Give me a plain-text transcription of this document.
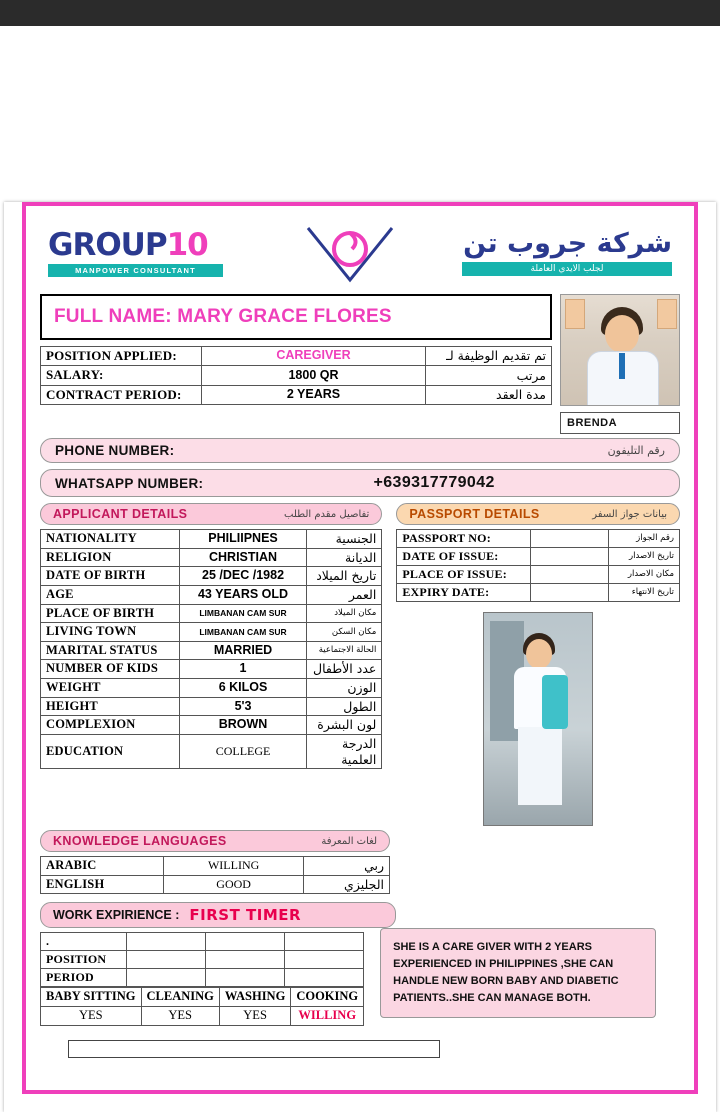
GROUP10
MANPOWER CONSULTANT
شركة جروب تن
لجلب الايدي العاملة
FULL NAME: MARY GRACE FLORES
POSITION APPLIED:	CAREGIVER	تم تقديم الوظيفة لـ
SALARY:	1800 QR	مرتب
CONTRACT PERIOD:	2 YEARS	مدة العقد
BRENDA
PHONE NUMBER:	رقم التليفون
WHATSAPP NUMBER:	+639317779042
APPLICANT DETAILS	تفاصيل مقدم الطلب
NATIONALITY	PHILIIPNES	الجنسية
RELIGION	CHRISTIAN	الديانة
DATE OF BIRTH	25 /DEC /1982	تاريخ الميلاد
AGE	43 YEARS OLD	العمر
PLACE OF BIRTH	LIMBANAN CAM SUR	مكان الميلاد
LIVING TOWN	LIMBANAN CAM SUR	مكان السكن
MARITAL STATUS	MARRIED	الحالة الاجتماعية
NUMBER OF KIDS	1	عدد الأطفال
WEIGHT	6 KILOS	الوزن
HEIGHT	5'3	الطول
COMPLEXION	BROWN	لون البشرة
EDUCATION	COLLEGE	الدرجة العلمية
PASSPORT DETAILS	بيانات جواز السفر
PASSPORT NO:		رقم الجواز
DATE OF ISSUE:		تاريخ الاصدار
PLACE OF ISSUE:		مكان الاصدار
EXPIRY DATE:		تاريخ الانتهاء
KNOWLEDGE LANGUAGES	لغات المعرفة
ARABIC	WILLING	ربي
ENGLISH	GOOD	الجليزي
WORK EXPIRIENCE : FIRST TIMER
.			
POSITION			
PERIOD			
BABY SITTING	CLEANING	WASHING	COOKING
YES	YES	YES	WILLING
SHE IS A CARE GIVER WITH 2 YEARS EXPERIENCED IN PHILIPPINES ,SHE CAN HANDLE NEW BORN BABY AND DIABETIC PATIENTS..SHE CAN MANAGE BOTH.
